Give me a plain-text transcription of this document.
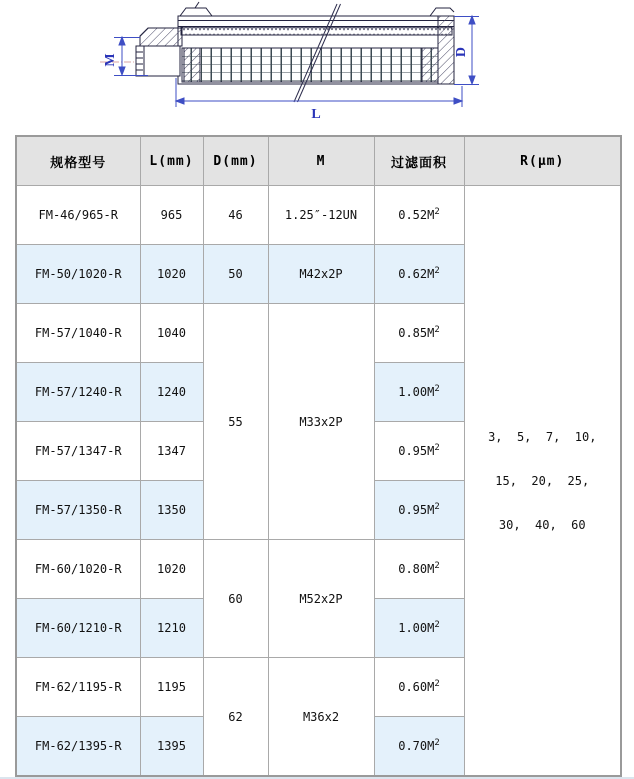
M
D
L
规格型号	L(mm)	D(mm)	M	过滤面积	R(μm)
FM-46/965-R	965	46	1.25″-12UN	$0.52M^2$	3,  5,  7,  10,
15,  20,  25,
30,  40,  60

FM-50/1020-R	1020	50	M42x2P	$0.62M^2$
FM-57/1040-R	1040	55	M33x2P	$0.85M^2$
FM-57/1240-R	1240			$1.00M^2$
FM-57/1347-R	1347			$0.95M^2$
FM-57/1350-R	1350			$0.95M^2$
FM-60/1020-R	1020	60	M52x2P	$0.80M^2$
FM-60/1210-R	1210			$1.00M^2$
FM-62/1195-R	1195	62	M36x2	$0.60M^2$
FM-62/1395-R	1395			$0.70M^2$
